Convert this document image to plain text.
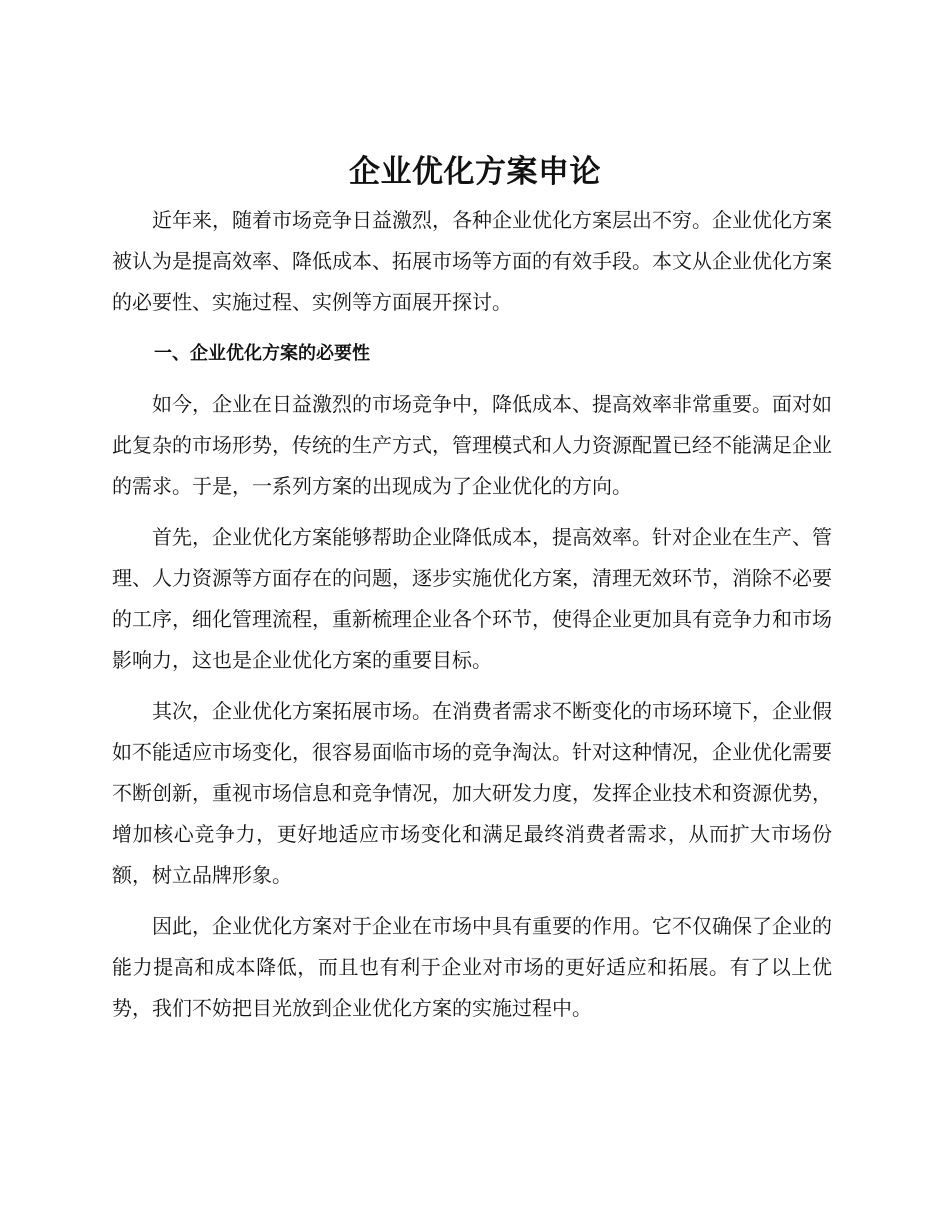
企业优化方案申论

近年来，随着市场竞争日益激烈，各种企业优化方案层出不穷。企业优化方案被认为是提高效率、降低成本、拓展市场等方面的有效手段。本文从企业优化方案的必要性、实施过程、实例等方面展开探讨。

一、企业优化方案的必要性

如今，企业在日益激烈的市场竞争中，降低成本、提高效率非常重要。面对如此复杂的市场形势，传统的生产方式，管理模式和人力资源配置已经不能满足企业的需求。于是，一系列方案的出现成为了企业优化的方向。

首先，企业优化方案能够帮助企业降低成本，提高效率。针对企业在生产、管理、人力资源等方面存在的问题，逐步实施优化方案，清理无效环节，消除不必要的工序，细化管理流程，重新梳理企业各个环节，使得企业更加具有竞争力和市场影响力，这也是企业优化方案的重要目标。

其次，企业优化方案拓展市场。在消费者需求不断变化的市场环境下，企业假如不能适应市场变化，很容易面临市场的竞争淘汰。针对这种情况，企业优化需要不断创新，重视市场信息和竞争情况，加大研发力度，发挥企业技术和资源优势，增加核心竞争力，更好地适应市场变化和满足最终消费者需求，从而扩大市场份额，树立品牌形象。

因此，企业优化方案对于企业在市场中具有重要的作用。它不仅确保了企业的能力提高和成本降低，而且也有利于企业对市场的更好适应和拓展。有了以上优势，我们不妨把目光放到企业优化方案的实施过程中。
